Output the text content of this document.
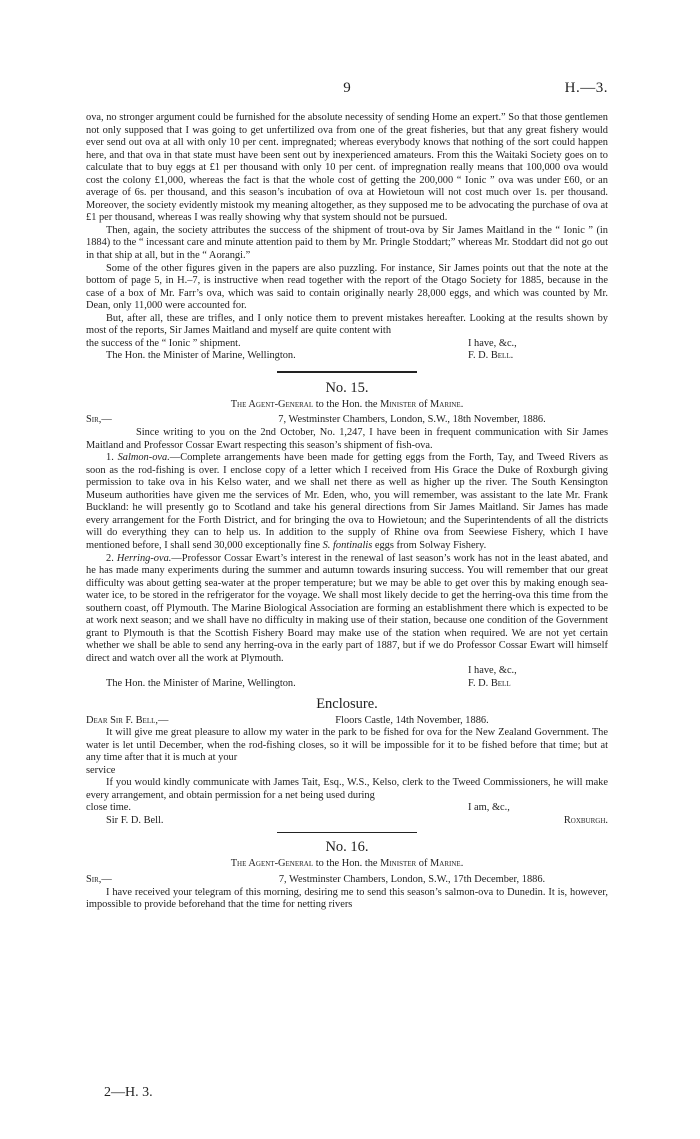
9	H.—3.

ova, no stronger argument could be furnished for the absolute necessity of sending Home an expert.” So that those gentlemen not only supposed that I was going to get unfertilized ova from one of the great fisheries, but that any great fishery would ever send out ova at all with only 10 per cent. impregnated; whereas everybody knows that nothing of the sort could happen here, and that ova in that state must have been sent out by inexperienced amateurs. From this the Waitaki Society goes on to calculate that to buy eggs at £1 per thousand with only 10 per cent. of impregnation really means that 100,000 ova would cost the colony £1,000, whereas the fact is that the whole cost of getting the 200,000 “ Ionic ” ova was under £60, or an average of 6s. per thousand, and this season’s incubation of ova at Howietoun will not cost much over 1s. per thousand. Moreover, the society evidently mistook my meaning altogether, as they supposed me to be advocating the purchase of ova at £1 per thousand, whereas I was really showing why that system should not be pursued.

Then, again, the society attributes the success of the shipment of trout-ova by Sir James Maitland in the “ Ionic ” (in 1884) to the “ incessant care and minute attention paid to them by Mr. Pringle Stoddart;” whereas Mr. Stoddart did not go out in that ship at all, but in the “ Aorangi.”

Some of the other figures given in the papers are also puzzling. For instance, Sir James points out that the note at the bottom of page 5, in H.–7, is instructive when read together with the report of the Otago Society for 1885, because in the case of a box of Mr. Farr’s ova, which was said to contain originally nearly 28,000 eggs, and which was counted by Mr. Dean, only 11,000 were accounted for.

But, after all, these are trifles, and I only notice them to prevent mistakes hereafter. Looking at the results shown by most of the reports, Sir James Maitland and myself are quite content with

the success of the “ Ionic ” shipment.	I have, &c.,
The Hon. the Minister of Marine, Wellington.	F. D. Bell.
No. 15.
The Agent-General to the Hon. the Minister of Marine.
Sir,—	7, Westminster Chambers, London, S.W., 18th November, 1886.

Since writing to you on the 2nd October, No. 1,247, I have been in frequent communication with Sir James Maitland and Professor Cossar Ewart respecting this season’s shipment of fish-ova.

1. Salmon-ova.—Complete arrangements have been made for getting eggs from the Forth, Tay, and Tweed Rivers as soon as the rod-fishing is over. I enclose copy of a letter which I received from His Grace the Duke of Roxburgh giving permission to take ova in his Kelso water, and we shall net there as well as higher up the river. The South Kensington Museum authorities have given me the services of Mr. Eden, who, you will remember, was assistant to the late Mr. Frank Buckland: he will presently go to Scotland and take his general directions from Sir James Maitland. Sir James has made every arrangement for the Forth District, and for bringing the ova to Howietoun; and the Superintendents of all the districts will do everything they can to help us. In addition to the supply of Rhine ova from Seewiese Fishery, which I have mentioned before, I shall send 30,000 exceptionally fine S. fontinalis eggs from Solway Fishery.

2. Herring-ova.—Professor Cossar Ewart’s interest in the renewal of last season’s work has not in the least abated, and he has made many experiments during the summer and autumn towards insuring success. You will remember that our great difficulty was about getting sea-water at the proper temperature; but we may be able to get over this by making enough sea-water ice, to be stored in the refrigerator for the voyage. We shall most likely decide to get the herring-ova this time from the southern coast, off Plymouth. The Marine Biological Association are forming an establishment there which is expected to be at work next season; and we shall have no difficulty in making use of their station, because one condition of the Government grant to Plymouth is that the Scottish Fishery Board may make use of the station when required. We are not yet certain whether we shall be able to send any herring-ova in the early part of 1887, but if we do Professor Cossar Ewart will himself direct and watch over all the work at Plymouth.

I have, &c.,
The Hon. the Minister of Marine, Wellington.	F. D. Bell
Enclosure.
Dear Sir F. Bell,—	Floors Castle, 14th November, 1886.

It will give me great pleasure to allow my water in the park to be fished for ova for the New Zealand Government. The water is let until December, when the rod-fishing closes, so it will be impossible for it to be fished before that time; but at any time after that it is much at your

service

If you would kindly communicate with James Tait, Esq., W.S., Kelso, clerk to the Tweed Commissioners, he will make every arrangement, and obtain permission for a net being used during

close time.	I am, &c.,
Sir F. D. Bell.	Roxburgh.
No. 16.
The Agent-General to the Hon. the Minister of Marine.
Sir,—	7, Westminster Chambers, London, S.W., 17th December, 1886.

I have received your telegram of this morning, desiring me to send this season’s salmon-ova to Dunedin. It is, however, impossible to provide beforehand that the time for netting rivers

2—H. 3.
